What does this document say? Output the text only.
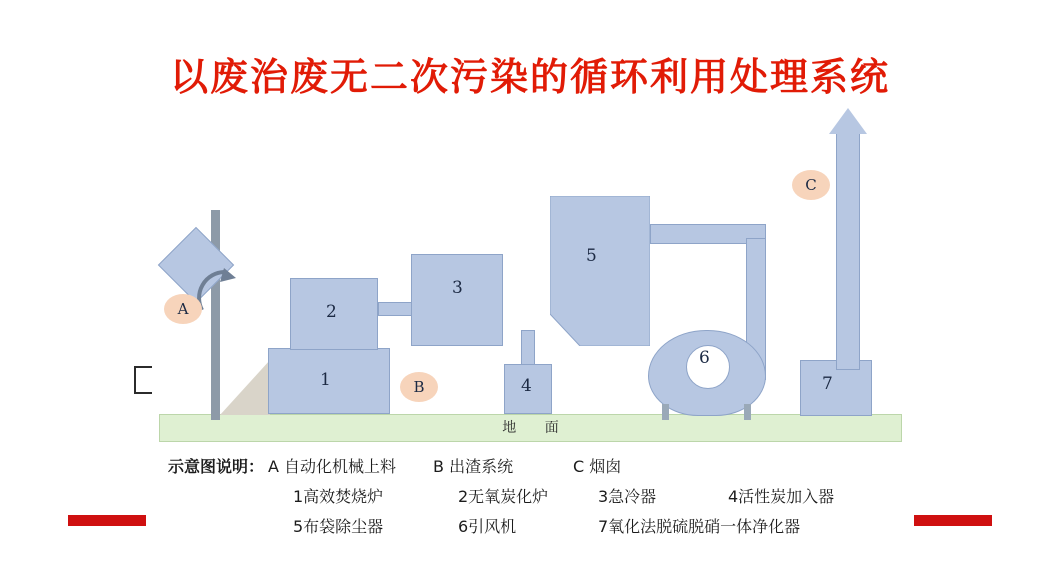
以废治废无二次污染的循环利用处理系统
地 面
A
1
2
3
4
5
6
7
C
B
示意图说明： A 自动化机械上料	B 出渣系统	C 烟囱
1高效焚烧炉	2无氧炭化炉	3急冷器	4活性炭加入器
5布袋除尘器	6引风机	7氧化法脱硫脱硝一体净化器
